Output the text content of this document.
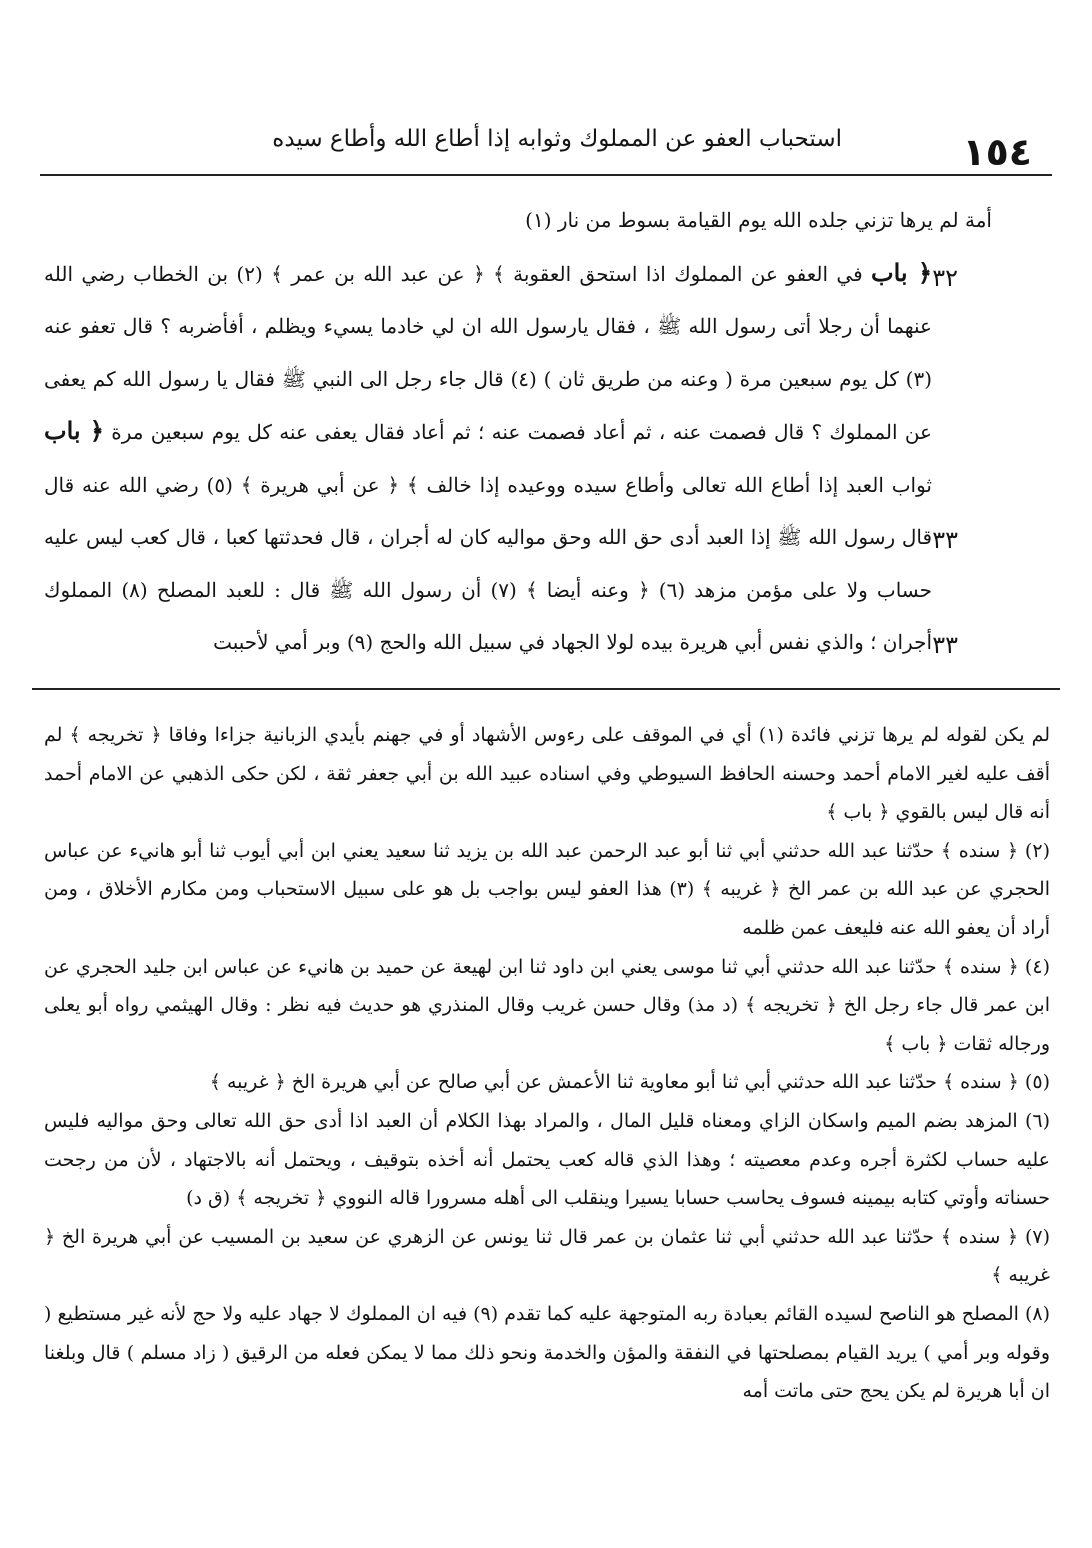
١٥٤
استحباب العفو عن المملوك وثوابه إذا أطاع الله وأطاع سيده
٣٢
٣٣
٣٣

أمة لم يرها تزني جلده الله يوم القيامة بسوط من نار (١)

﴿ باب في العفو عن المملوك اذا استحق العقوبة ﴾ ﴿ عن عبد الله بن عمر ﴾ (٢) بن الخطاب رضي الله عنهما أن رجلا أتى رسول الله ﷺ ، فقال يارسول الله ان لي خادما يسيء ويظلم ، أفأضربه ؟ قال تعفو عنه (٣) كل يوم سبعين مرة ( وعنه من طريق ثان ) (٤) قال جاء رجل الى النبي ﷺ فقال يا رسول الله كم يعفى عن المملوك ؟ قال فصمت عنه ، ثم أعاد فصمت عنه ؛ ثم أعاد فقال يعفى عنه كل يوم سبعين مرة ﴿ باب ثواب العبد إذا أطاع الله تعالى وأطاع سيده ووعيده إذا خالف ﴾ ﴿ عن أبي هريرة ﴾ (٥) رضي الله عنه قال قال رسول الله ﷺ إذا العبد أدى حق الله وحق مواليه كان له أجران ، قال فحدثتها كعبا ، قال كعب ليس عليه حساب ولا على مؤمن مزهد (٦) ﴿ وعنه أيضا ﴾ (٧) أن رسول الله ﷺ قال : للعبد المصلح (٨) المملوك أجران ؛ والذي نفس أبي هريرة بيده لولا الجهاد في سبيل الله والحج (٩) وبر أمي لأحببت

لم يكن لقوله لم يرها تزني فائدة (١) أي في الموقف على رءوس الأشهاد أو في جهنم بأيدي الزبانية جزاءا وفاقا ﴿ تخريجه ﴾ لم أقف عليه لغير الامام أحمد وحسنه الحافظ السيوطي وفي اسناده عبيد الله بن أبي جعفر ثقة ، لكن حكى الذهبي عن الامام أحمد أنه قال ليس بالقوي ﴿ باب ﴾

(٢) ﴿ سنده ﴾ حدّثنا عبد الله حدثني أبي ثنا أبو عبد الرحمن عبد الله بن يزيد ثنا سعيد يعني ابن أبي أيوب ثنا أبو هانيء عن عباس الحجري عن عبد الله بن عمر الخ ﴿ غريبه ﴾ (٣) هذا العفو ليس بواجب بل هو على سبيل الاستحباب ومن مكارم الأخلاق ، ومن أراد أن يعفو الله عنه فليعف عمن ظلمه

(٤) ﴿ سنده ﴾ حدّثنا عبد الله حدثني أبي ثنا موسى يعني ابن داود ثنا ابن لهيعة عن حميد بن هانيء عن عباس ابن جليد الحجري عن ابن عمر قال جاء رجل الخ ﴿ تخريجه ﴾ (د مذ) وقال حسن غريب وقال المنذري هو حديث فيه نظر : وقال الهيثمي رواه أبو يعلى ورجاله ثقات ﴿ باب ﴾

(٥) ﴿ سنده ﴾ حدّثنا عبد الله حدثني أبي ثنا أبو معاوية ثنا الأعمش عن أبي صالح عن أبي هريرة الخ ﴿ غريبه ﴾

(٦) المزهد بضم الميم واسكان الزاي ومعناه قليل المال ، والمراد بهذا الكلام أن العبد اذا أدى حق الله تعالى وحق مواليه فليس عليه حساب لكثرة أجره وعدم معصيته ؛ وهذا الذي قاله كعب يحتمل أنه أخذه بتوقيف ، ويحتمل أنه بالاجتهاد ، لأن من رجحت حسناته وأوتي كتابه بيمينه فسوف يحاسب حسابا يسيرا وينقلب الى أهله مسرورا قاله النووي ﴿ تخريجه ﴾ (ق د)

(٧) ﴿ سنده ﴾ حدّثنا عبد الله حدثني أبي ثنا عثمان بن عمر قال ثنا يونس عن الزهري عن سعيد بن المسيب عن أبي هريرة الخ ﴿ غريبه ﴾

(٨) المصلح هو الناصح لسيده القائم بعبادة ربه المتوجهة عليه كما تقدم (٩) فيه ان المملوك لا جهاد عليه ولا حج لأنه غير مستطيع ( وقوله وبر أمي ) يريد القيام بمصلحتها في النفقة والمؤن والخدمة ونحو ذلك مما لا يمكن فعله من الرقيق ( زاد مسلم ) قال وبلغنا ان أبا هريرة لم يكن يحج حتى ماتت أمه
